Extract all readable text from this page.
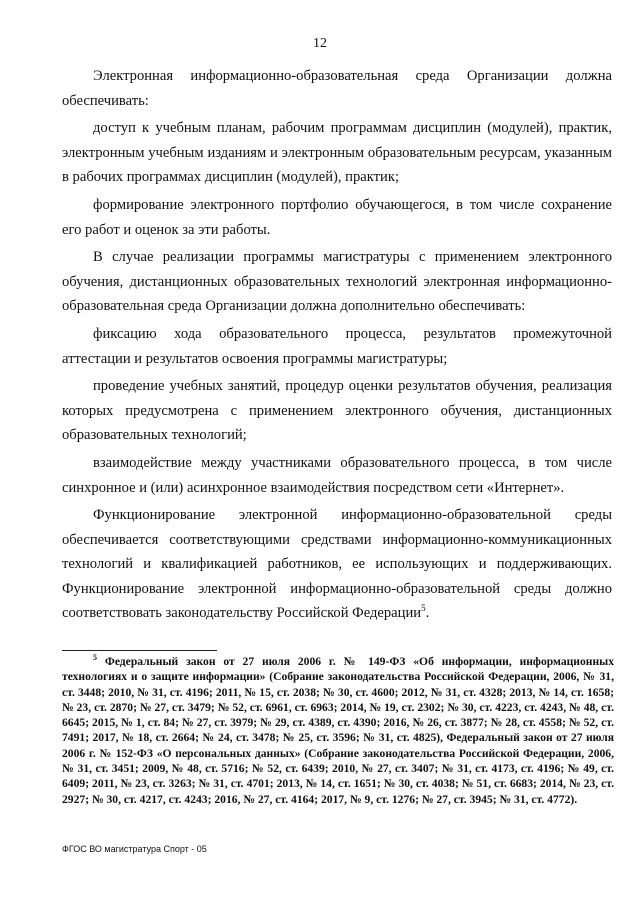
12

Электронная информационно-образовательная среда Организации должна обеспечивать:

доступ к учебным планам, рабочим программам дисциплин (модулей), практик, электронным учебным изданиям и электронным образовательным ресурсам, указанным в рабочих программах дисциплин (модулей), практик;

формирование электронного портфолио обучающегося, в том числе сохранение его работ и оценок за эти работы.

В случае реализации программы магистратуры с применением электронного обучения, дистанционных образовательных технологий электронная информационно-образовательная среда Организации должна дополнительно обеспечивать:

фиксацию хода образовательного процесса, результатов промежуточной аттестации и результатов освоения программы магистратуры;

проведение учебных занятий, процедур оценки результатов обучения, реализация которых предусмотрена с применением электронного обучения, дистанционных образовательных технологий;

взаимодействие между участниками образовательного процесса, в том числе синхронное и (или) асинхронное взаимодействия посредством сети «Интернет».

Функционирование электронной информационно-образовательной среды обеспечивается соответствующими средствами информационно-коммуникационных технологий и квалификацией работников, ее использующих и поддерживающих. Функционирование электронной информационно-образовательной среды должно соответствовать законодательству Российской Федерации$^5$.

$^5$ Федеральный закон от 27 июля 2006 г. № 149-ФЗ «Об информации, информационных технологиях и о защите информации» (Собрание законодательства Российской Федерации, 2006, № 31, ст. 3448; 2010, № 31, ст. 4196; 2011, № 15, ст. 2038; № 30, ст. 4600; 2012, № 31, ст. 4328; 2013, № 14, ст. 1658; № 23, ст. 2870; № 27, ст. 3479; № 52, ст. 6961, ст. 6963; 2014, № 19, ст. 2302; № 30, ст. 4223, ст. 4243, № 48, ст. 6645; 2015, № 1, ст. 84; № 27, ст. 3979; № 29, ст. 4389, ст. 4390; 2016, № 26, ст. 3877; № 28, ст. 4558; № 52, ст. 7491; 2017, № 18, ст. 2664; № 24, ст. 3478; № 25, ст. 3596; № 31, ст. 4825), Федеральный закон от 27 июля 2006 г. № 152-ФЗ «О персональных данных» (Собрание законодательства Российской Федерации, 2006, № 31, ст. 3451; 2009, № 48, ст. 5716; № 52, ст. 6439; 2010, № 27, ст. 3407; № 31, ст. 4173, ст. 4196; № 49, ст. 6409; 2011, № 23, ст. 3263; № 31, ст. 4701; 2013, № 14, ст. 1651; № 30, ст. 4038; № 51, ст. 6683; 2014, № 23, ст. 2927; № 30, ст. 4217, ст. 4243; 2016, № 27, ст. 4164; 2017, № 9, ст. 1276; № 27, ст. 3945; № 31, ст. 4772).
ФГОС ВО магистратура Спорт - 05
